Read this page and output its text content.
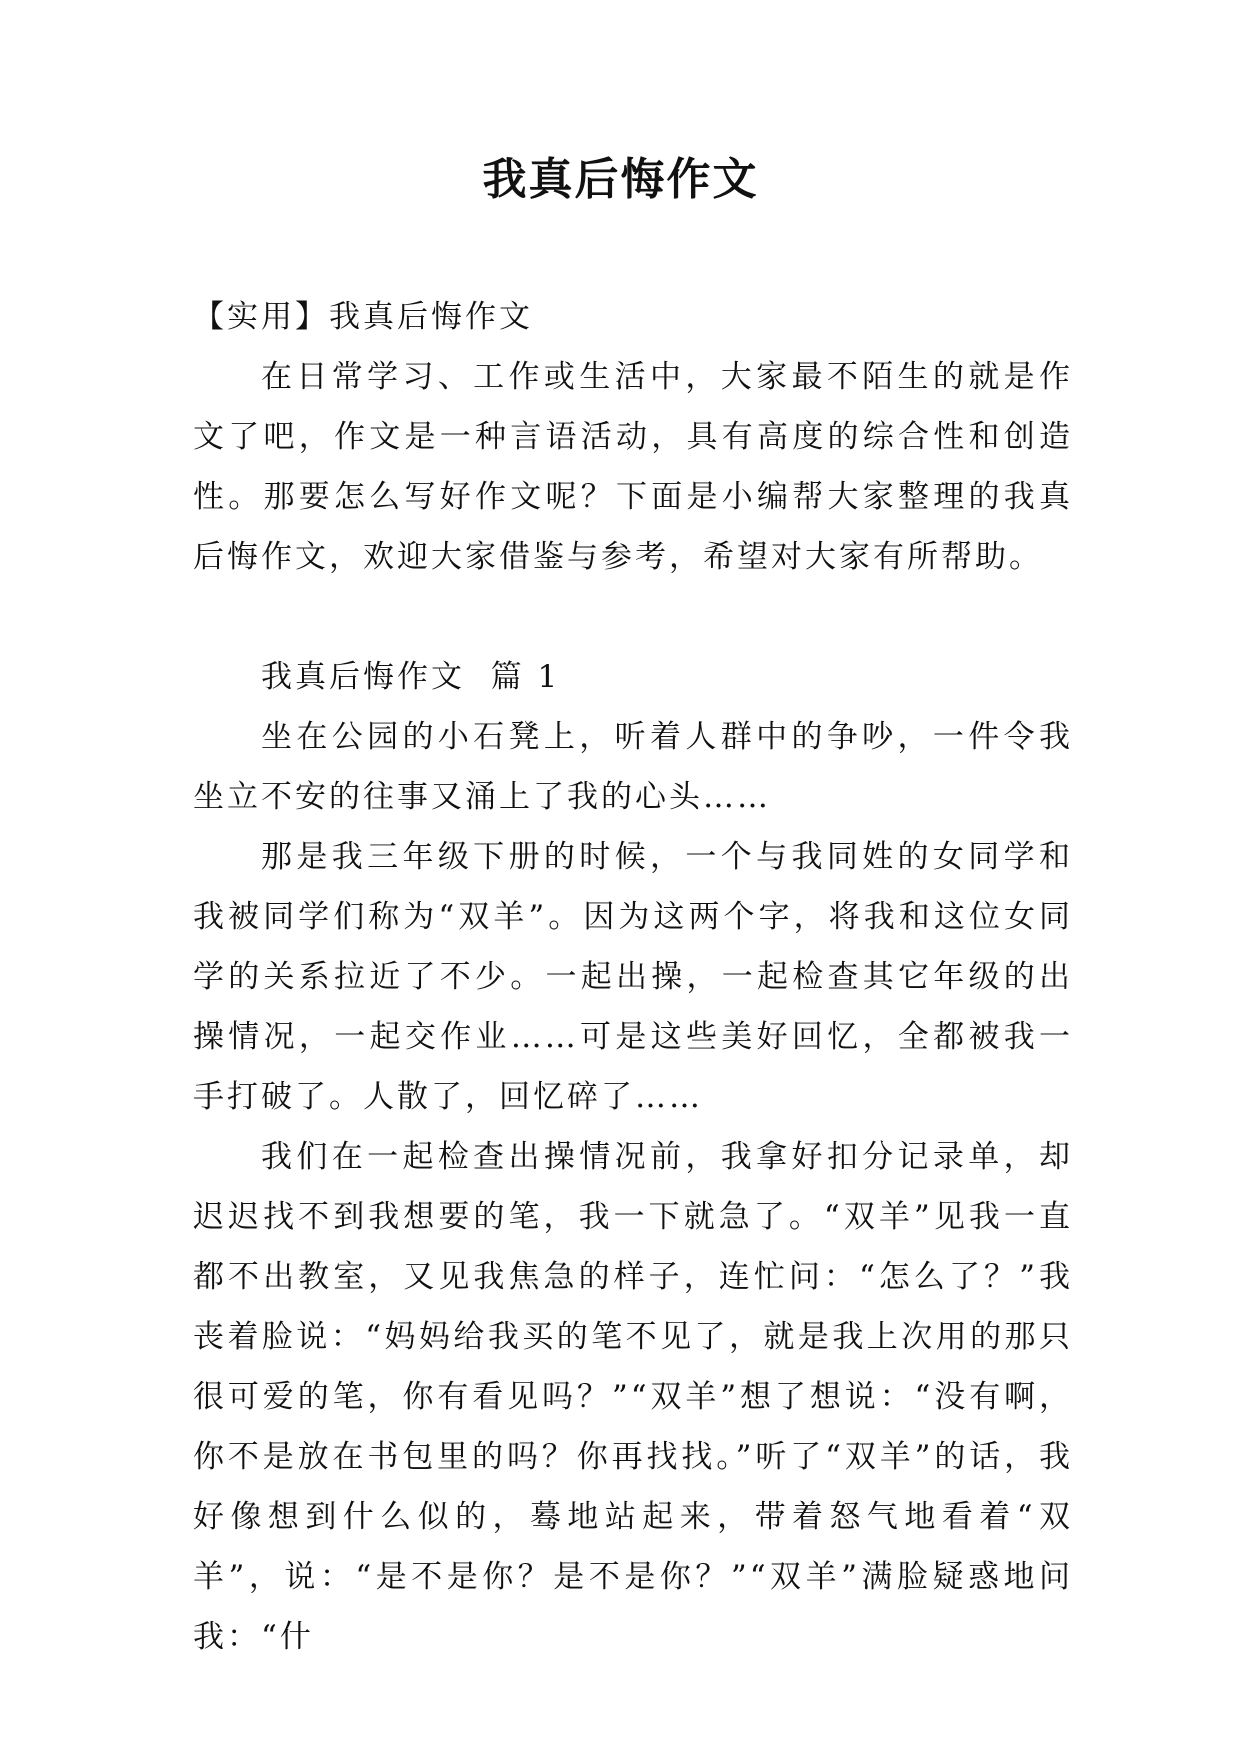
我真后悔作文

【实用】我真后悔作文

在日常学习、工作或生活中，大家最不陌生的就是作文了吧，作文是一种言语活动，具有高度的综合性和创造性。那要怎么写好作文呢？下面是小编帮大家整理的我真后悔作文，欢迎大家借鉴与参考，希望对大家有所帮助。

我真后悔作文  篇 1

坐在公园的小石凳上，听着人群中的争吵，一件令我坐立不安的往事又涌上了我的心头……

那是我三年级下册的时候，一个与我同姓的女同学和我被同学们称为“双羊”。因为这两个字，将我和这位女同学的关系拉近了不少。一起出操，一起检查其它年级的出操情况，一起交作业……可是这些美好回忆，全都被我一手打破了。人散了，回忆碎了……

我们在一起检查出操情况前，我拿好扣分记录单，却迟迟找不到我想要的笔，我一下就急了。“双羊”见我一直都不出教室，又见我焦急的样子，连忙问：“怎么了？”我丧着脸说：“妈妈给我买的笔不见了，就是我上次用的那只很可爱的笔，你有看见吗？”“双羊”想了想说：“没有啊，你不是放在书包里的吗？你再找找。”听了“双羊”的话，我好像想到什么似的，蓦地站起来，带着怒气地看着“双羊”，说：“是不是你？是不是你？”“双羊”满脸疑惑地问我：“什
